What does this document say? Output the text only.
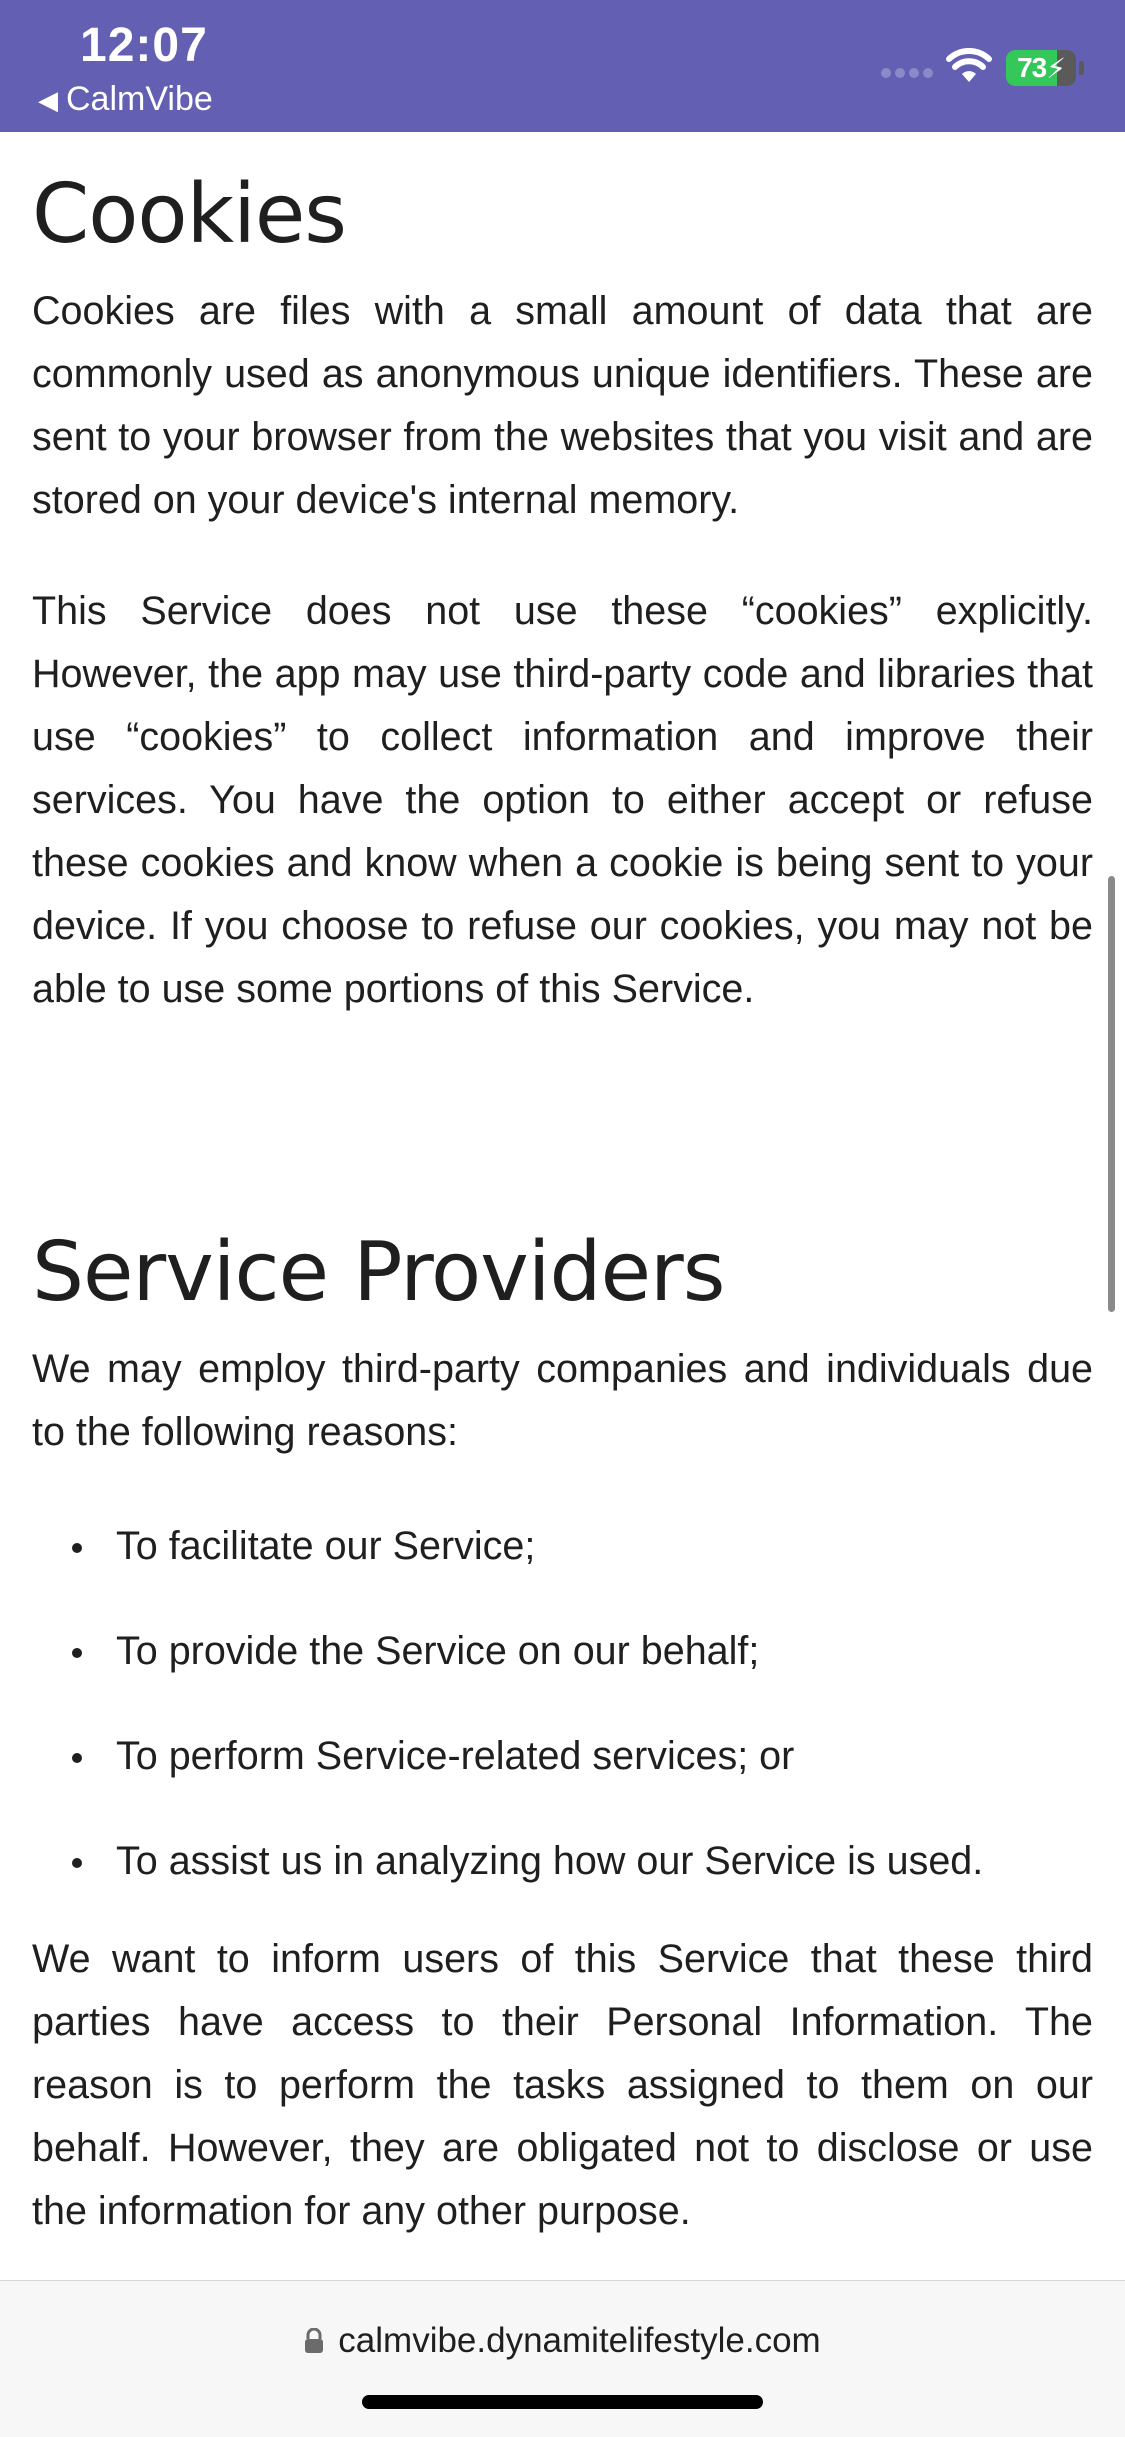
12:07
◀ CalmVibe
73 ⚡
Cookies

Cookies are files with a small amount of data that are commonly used as anonymous unique identifiers. These are sent to your browser from the websites that you visit and are stored on your device's internal memory.

This Service does not use these “cookies” explicitly. However, the app may use third-party code and libraries that use “cookies” to collect information and improve their services. You have the option to either accept or refuse these cookies and know when a cookie is being sent to your device. If you choose to refuse our cookies, you may not be able to use some portions of this Service.

Service Providers

We may employ third-party companies and individuals due to the following reasons:

To facilitate our Service;
To provide the Service on our behalf;
To perform Service-related services; or
To assist us in analyzing how our Service is used.

We want to inform users of this Service that these third parties have access to their Personal Information. The reason is to perform the tasks assigned to them on our behalf. However, they are obligated not to disclose or use the information for any other purpose.

calmvibe.dynamitelifestyle.com
